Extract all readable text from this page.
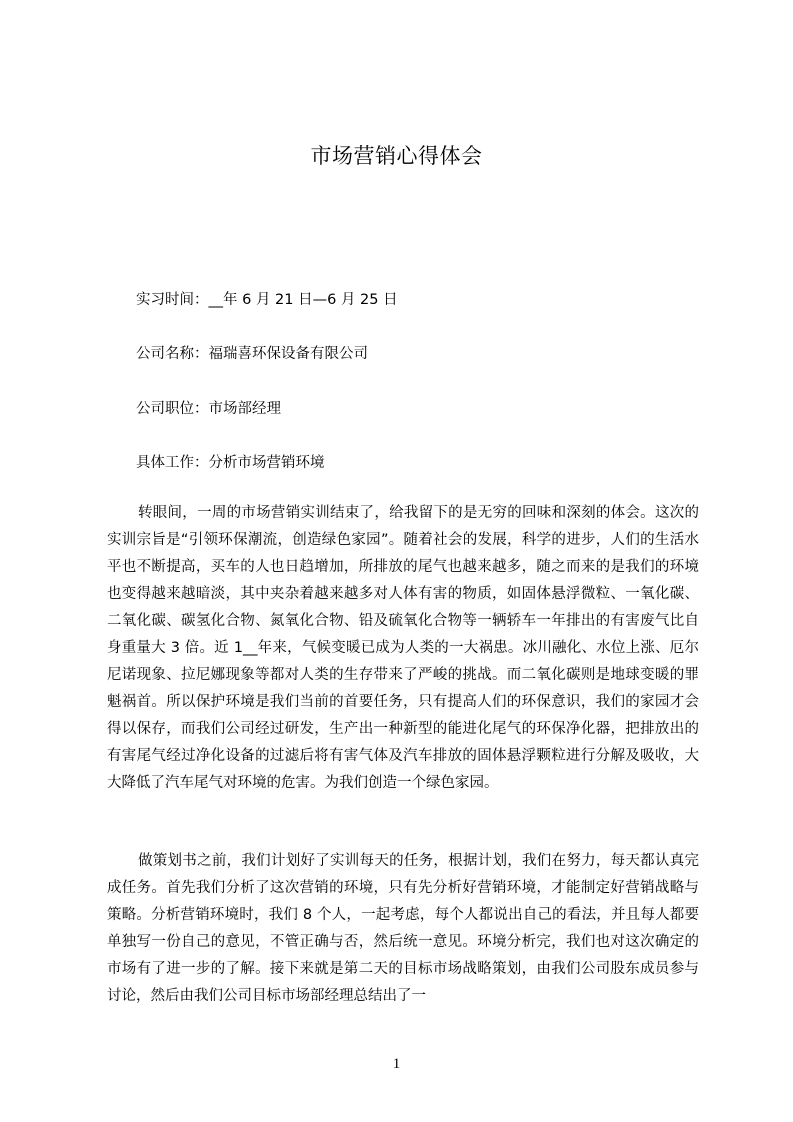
市场营销心得体会
实习时间：__年 6 月 21 日—6 月 25 日
公司名称：福瑞喜环保设备有限公司
公司职位：市场部经理
具体工作：分析市场营销环境
转眼间，一周的市场营销实训结束了，给我留下的是无穷的回味和深刻的体会。这次的实训宗旨是“引领环保潮流，创造绿色家园”。随着社会的发展，科学的进步，人们的生活水平也不断提高，买车的人也日趋增加，所排放的尾气也越来越多，随之而来的是我们的环境也变得越来越暗淡，其中夹杂着越来越多对人体有害的物质，如固体悬浮微粒、一氧化碳、二氧化碳、碳氢化合物、氮氧化合物、铅及硫氧化合物等一辆轿车一年排出的有害废气比自身重量大 3 倍。近 1__年来，气候变暖已成为人类的一大祸患。冰川融化、水位上涨、厄尔尼诺现象、拉尼娜现象等都对人类的生存带来了严峻的挑战。而二氧化碳则是地球变暖的罪魁祸首。所以保护环境是我们当前的首要任务，只有提高人们的环保意识，我们的家园才会得以保存，而我们公司经过研发，生产出一种新型的能进化尾气的环保净化器，把排放出的有害尾气经过净化设备的过滤后将有害气体及汽车排放的固体悬浮颗粒进行分解及吸收，大大降低了汽车尾气对环境的危害。为我们创造一个绿色家园。
做策划书之前，我们计划好了实训每天的任务，根据计划，我们在努力，每天都认真完成任务。首先我们分析了这次营销的环境，只有先分析好营销环境，才能制定好营销战略与策略。分析营销环境时，我们 8 个人，一起考虑，每个人都说出自己的看法，并且每人都要单独写一份自己的意见，不管正确与否，然后统一意见。环境分析完，我们也对这次确定的市场有了进一步的了解。接下来就是第二天的目标市场战略策划，由我们公司股东成员参与讨论，然后由我们公司目标市场部经理总结出了一
1
